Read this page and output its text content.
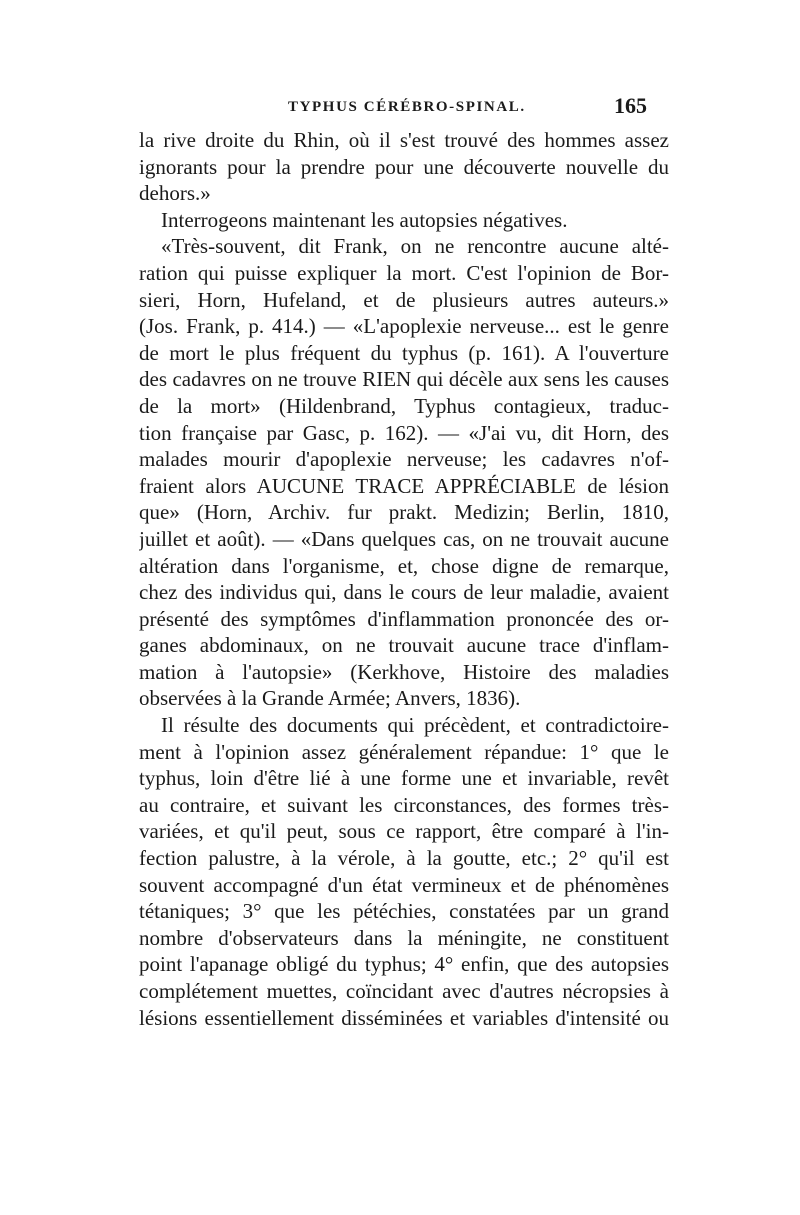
TYPHUS CÉRÉBRO-SPINAL.	165
la rive droite du Rhin, où il s'est trouvé des hommes assez
ignorants pour la prendre pour une découverte nouvelle du
dehors.»
Interrogeons maintenant les autopsies négatives.
«Très-souvent, dit Frank, on ne rencontre aucune alté-
ration qui puisse expliquer la mort. C'est l'opinion de Bor-
sieri, Horn, Hufeland, et de plusieurs autres auteurs.»
(Jos. Frank, p. 414.) — «L'apoplexie nerveuse... est le genre
de mort le plus fréquent du typhus (p. 161). A l'ouverture
des cadavres on ne trouve RIEN qui décèle aux sens les causes
de la mort» (Hildenbrand, Typhus contagieux, traduc-
tion française par Gasc, p. 162). — «J'ai vu, dit Horn, des
malades mourir d'apoplexie nerveuse; les cadavres n'of-
fraient alors AUCUNE TRACE APPRÉCIABLE de lésion
que» (Horn, Archiv. fur prakt. Medizin; Berlin, 1810,
juillet et août). — «Dans quelques cas, on ne trouvait aucune
altération dans l'organisme, et, chose digne de remarque,
chez des individus qui, dans le cours de leur maladie, avaient
présenté des symptômes d'inflammation prononcée des or-
ganes abdominaux, on ne trouvait aucune trace d'inflam-
mation à l'autopsie» (Kerkhove, Histoire des maladies
observées à la Grande Armée; Anvers, 1836).
Il résulte des documents qui précèdent, et contradictoire-
ment à l'opinion assez généralement répandue: 1° que le
typhus, loin d'être lié à une forme une et invariable, revêt
au contraire, et suivant les circonstances, des formes très-
variées, et qu'il peut, sous ce rapport, être comparé à l'in-
fection palustre, à la vérole, à la goutte, etc.; 2° qu'il est
souvent accompagné d'un état vermineux et de phénomènes
tétaniques; 3° que les pétéchies, constatées par un grand
nombre d'observateurs dans la méningite, ne constituent
point l'apanage obligé du typhus; 4° enfin, que des autopsies
complétement muettes, coïncidant avec d'autres nécropsies à
lésions essentiellement disséminées et variables d'intensité ou
